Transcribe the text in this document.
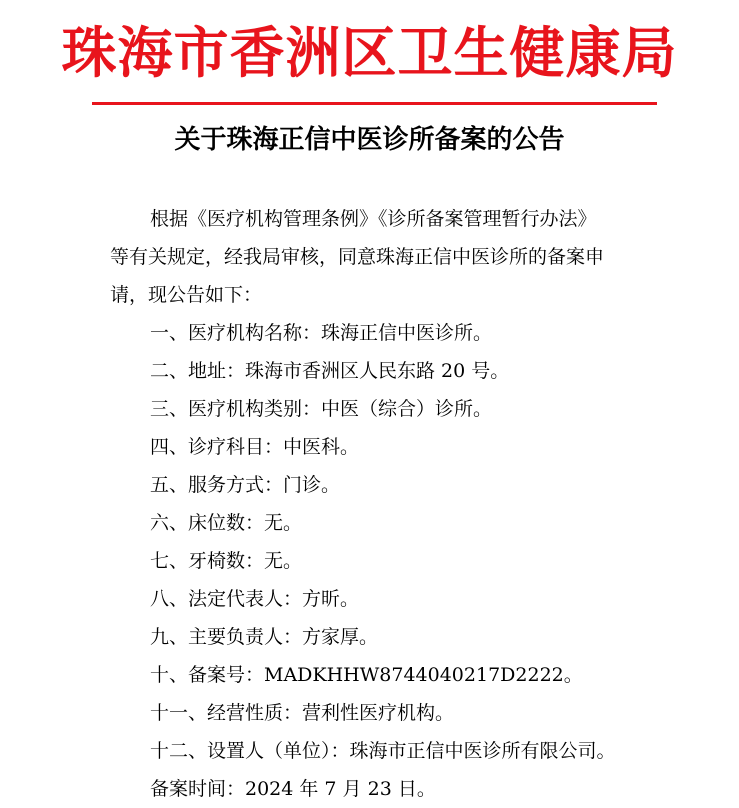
珠海市香洲区卫生健康局
关于珠海正信中医诊所备案的公告
根据《医疗机构管理条例》《诊所备案管理暂行办法》
等有关规定，经我局审核，同意珠海正信中医诊所的备案申
请，现公告如下：
一、医疗机构名称：珠海正信中医诊所。
二、地址：珠海市香洲区人民东路 20 号。
三、医疗机构类别：中医（综合）诊所。
四、诊疗科目：中医科。
五、服务方式：门诊。
六、床位数：无。
七、牙椅数：无。
八、法定代表人：方昕。
九、主要负责人：方家厚。
十、备案号：MADKHHW8744040217D2222。
十一、经营性质：营利性医疗机构。
十二、设置人（单位）：珠海市正信中医诊所有限公司。
备案时间：2024 年 7 月 23 日。
